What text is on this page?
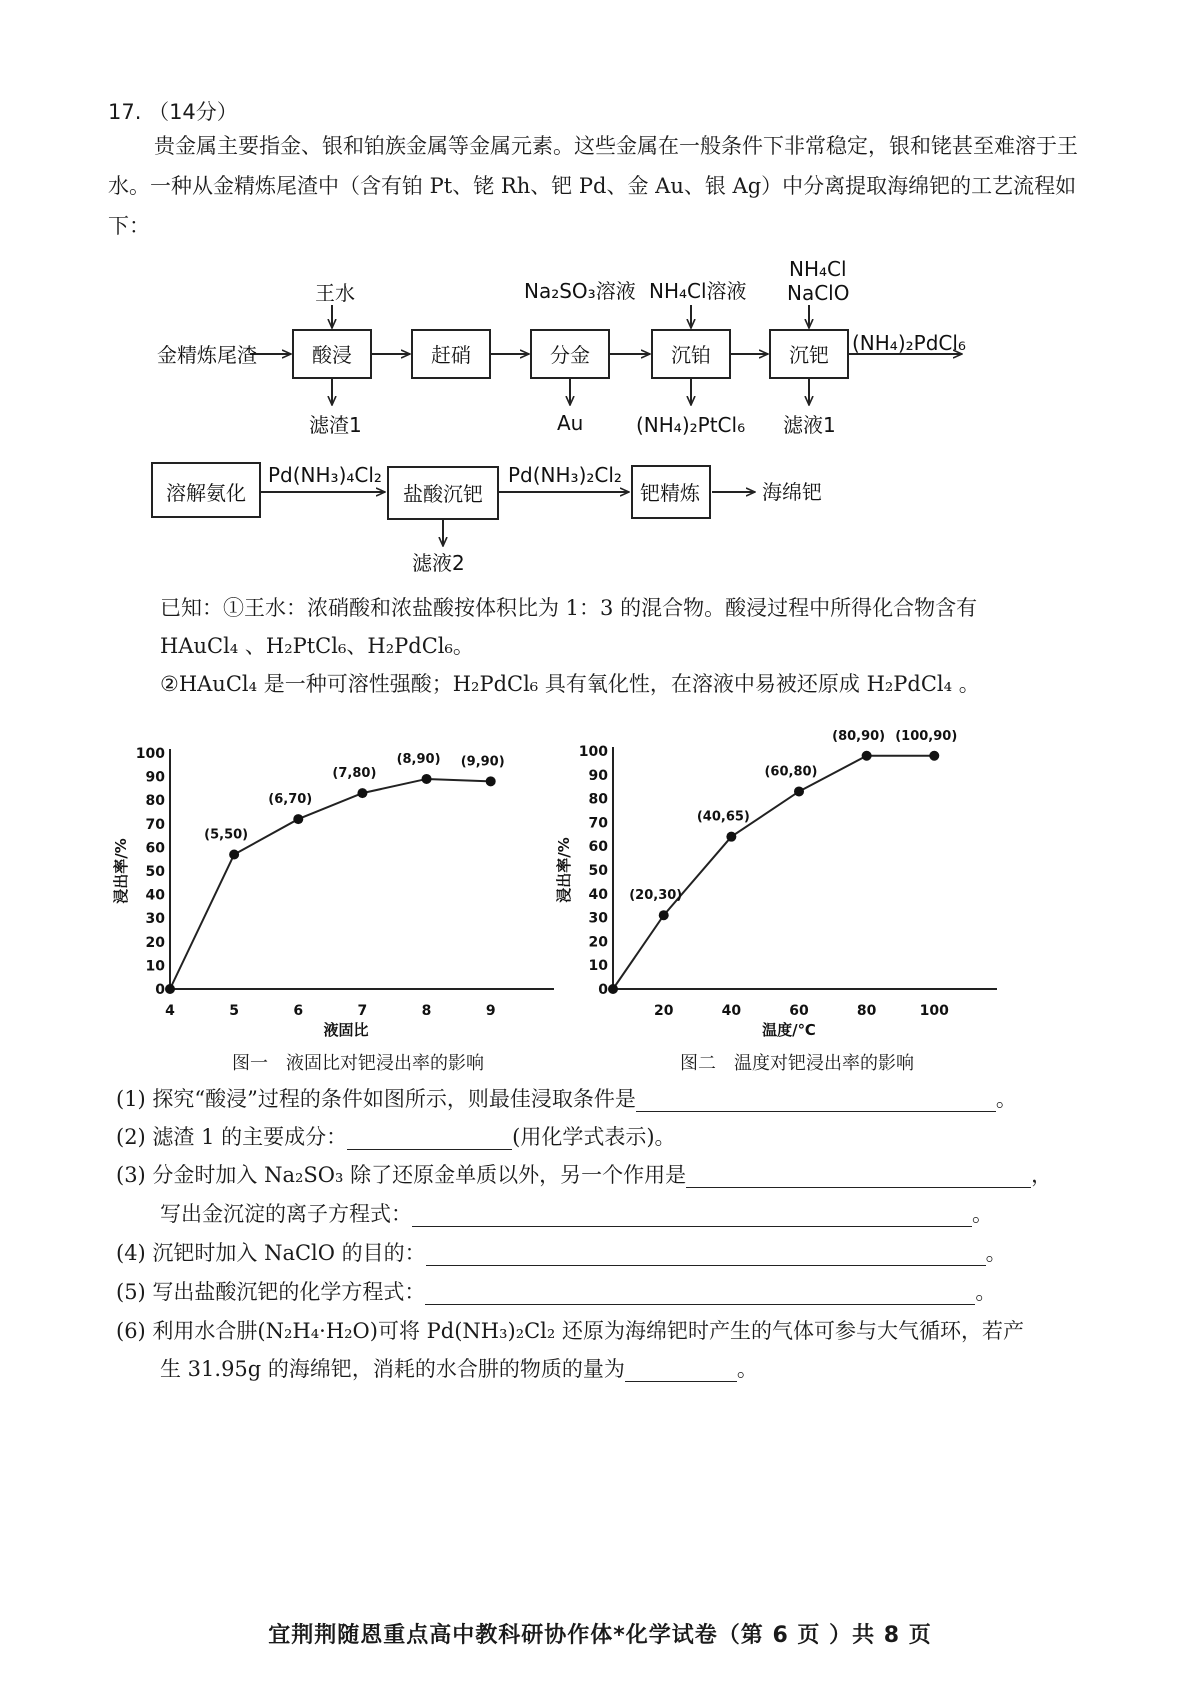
17. （14分）
贵金属主要指金、银和铂族金属等金属元素。这些金属在一般条件下非常稳定，银和铑甚至难溶于王水。一种从金精炼尾渣中（含有铂 Pt、铑 Rh、钯 Pd、金 Au、银 Ag）中分离提取海绵钯的工艺流程如下：
金精炼尾渣
王水
酸浸	赶硝
Na₂SO₃溶液
分金
NH₄Cl溶液
沉铂
NH₄Cl
NaClO
沉钯 (NH₄)₂PdCl₆
滤渣1	Au	(NH₄)₂PtCl₆ 滤液1
溶解氨化
Pd(NH₃)₄Cl₂
盐酸沉钯
Pd(NH₃)₂Cl₂
钯精炼	海绵钯
滤液2
已知：①王水：浓硝酸和浓盐酸按体积比为 1：3 的混合物。酸浸过程中所得化合物含有
HAuCl₄ 、H₂PtCl₆、H₂PdCl₆。
②HAuCl₄ 是一种可溶性强酸；H₂PdCl₆ 具有氧化性，在溶液中易被还原成 H₂PdCl₄ 。
0
10
20
30
40
50
60
70
80
90
100
4	5	6	7	8	9
液固比
浸出率/%
(5,50)
(6,70)
(7,80)
(8,90) (9,90)
0
10
20
30
40
50
60
70
80
90
100
20	40	60	80	100
温度/℃
浸出率/%	(20,30)
(40,65)
(60,80)
(80,90) (100,90)
图一　液固比对钯浸出率的影响	图二　温度对钯浸出率的影响
(1) 探究“酸浸”过程的条件如图所示，则最佳浸取条件是	。
(2) 滤渣 1 的主要成分：	(用化学式表示)。
(3) 分金时加入 Na₂SO₃ 除了还原金单质以外，另一个作用是	，
写出金沉淀的离子方程式：	。
(4) 沉钯时加入 NaClO 的目的：	。
(5) 写出盐酸沉钯的化学方程式：	。
(6) 利用水合肼(N₂H₄·H₂O)可将 Pd(NH₃)₂Cl₂ 还原为海绵钯时产生的气体可参与大气循环，若产
生 31.95g 的海绵钯，消耗的水合肼的物质的量为	。
宜荆荆随恩重点高中教科研协作体*化学试卷（第 6 页 ）共 8 页
